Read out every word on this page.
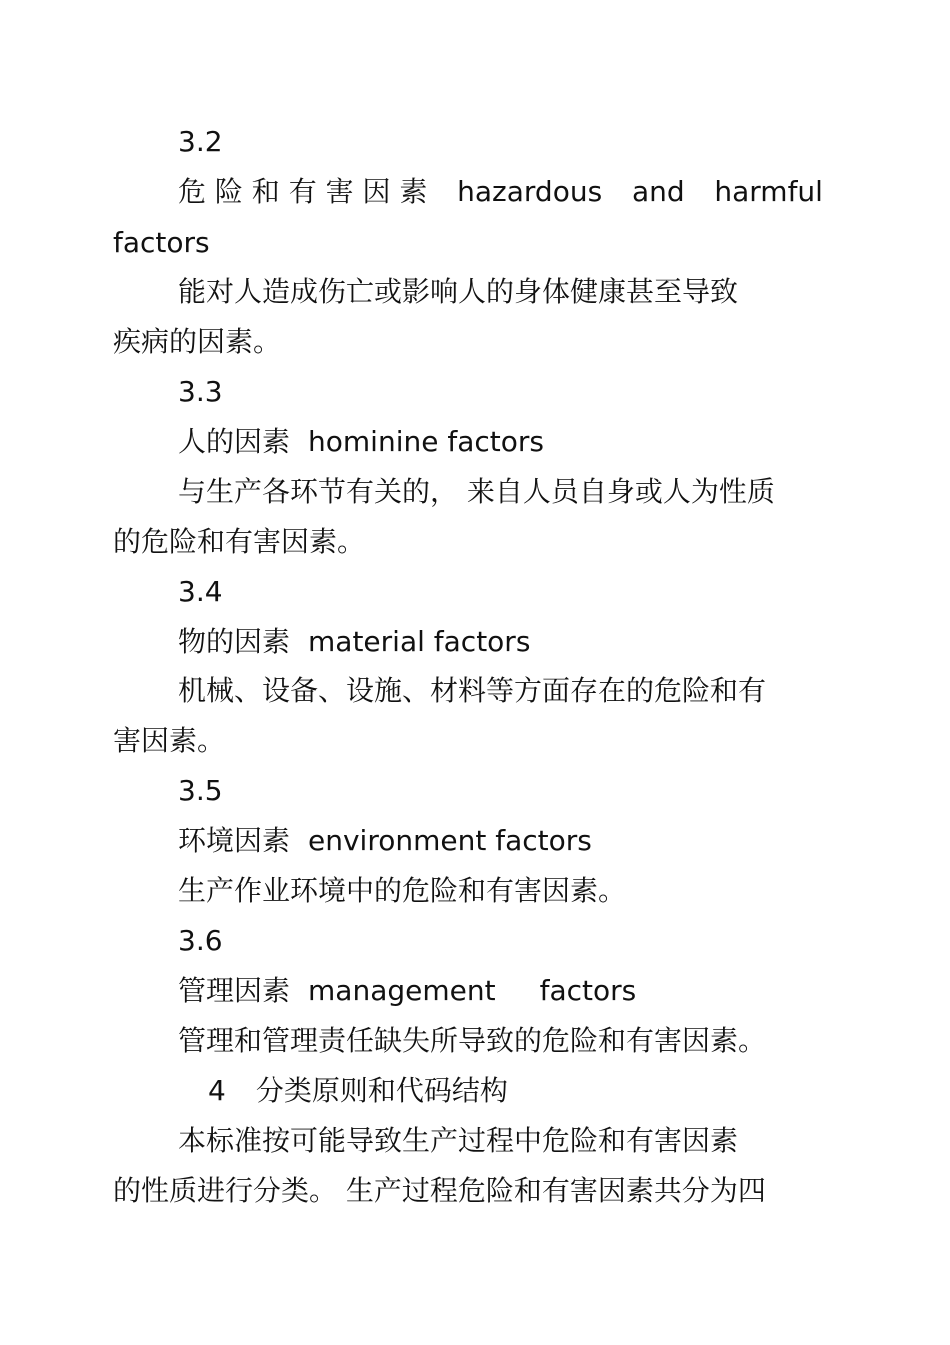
3.2
危 险 和 有 害 因 素 hazardous and harmful
factors
能对人造成伤亡或影响人的身体健康甚至导致
疾病的因素。
3.3
人的因素 hominine factors
与生产各环节有关的， 来自人员自身或人为性质
的危险和有害因素。
3.4
物的因素 material factors
机械、设备、设施、材料等方面存在的危险和有
害因素。
3.5
环境因素 environment factors
生产作业环境中的危险和有害因素。
3.6
管理因素 management factors
管理和管理责任缺失所导致的危险和有害因素。
4 分类原则和代码结构
本标准按可能导致生产过程中危险和有害因素
的性质进行分类。 生产过程危险和有害因素共分为四
